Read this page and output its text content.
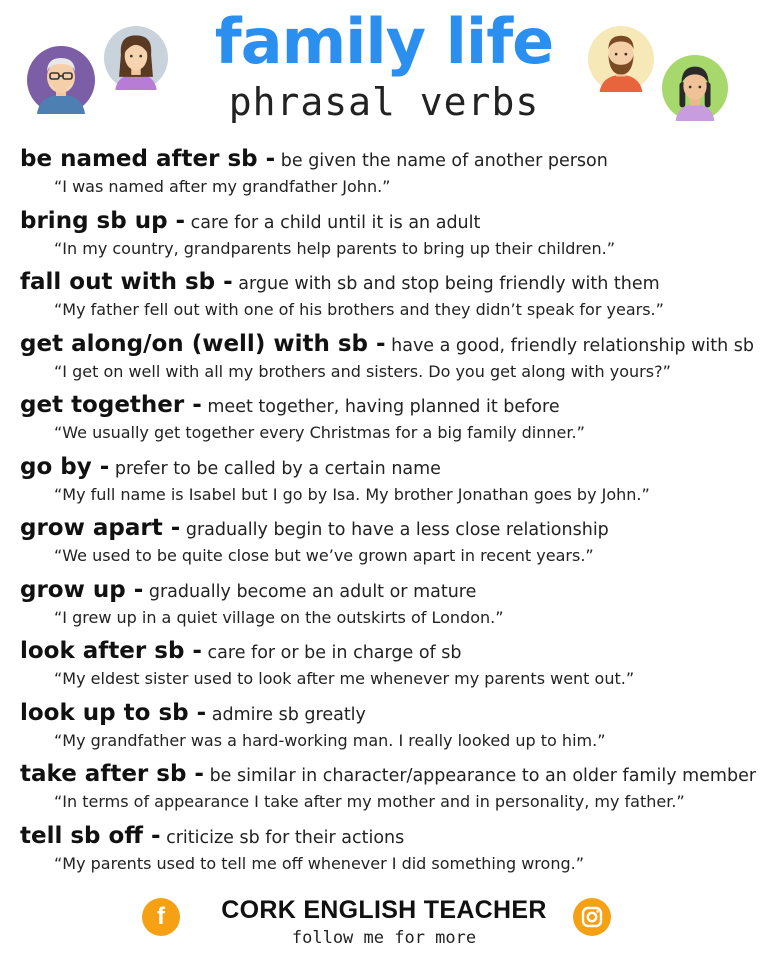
family life
phrasal verbs
be named after sb - be given the name of another person
“I was named after my grandfather John.”
bring sb up - care for a child until it is an adult
“In my country, grandparents help parents to bring up their children.”
fall out with sb - argue with sb and stop being friendly with them
“My father fell out with one of his brothers and they didn’t speak for years.”
get along/on (well) with sb - have a good, friendly relationship with sb
“I get on well with all my brothers and sisters. Do you get along with yours?”
get together - meet together, having planned it before
“We usually get together every Christmas for a big family dinner.”
go by - prefer to be called by a certain name
“My full name is Isabel but I go by Isa. My brother Jonathan goes by John.”
grow apart - gradually begin to have a less close relationship
“We used to be quite close but we’ve grown apart in recent years.”
grow up - gradually become an adult or mature
“I grew up in a quiet village on the outskirts of London.”
look after sb - care for or be in charge of sb
“My eldest sister used to look after me whenever my parents went out.”
look up to sb - admire sb greatly
“My grandfather was a hard-working man. I really looked up to him.”
take after sb - be similar in character/appearance to an older family member
“In terms of appearance I take after my mother and in personality, my father.”
tell sb off - criticize sb for their actions
“My parents used to tell me off whenever I did something wrong.”
f	CORK ENGLISH TEACHER
follow me for more
